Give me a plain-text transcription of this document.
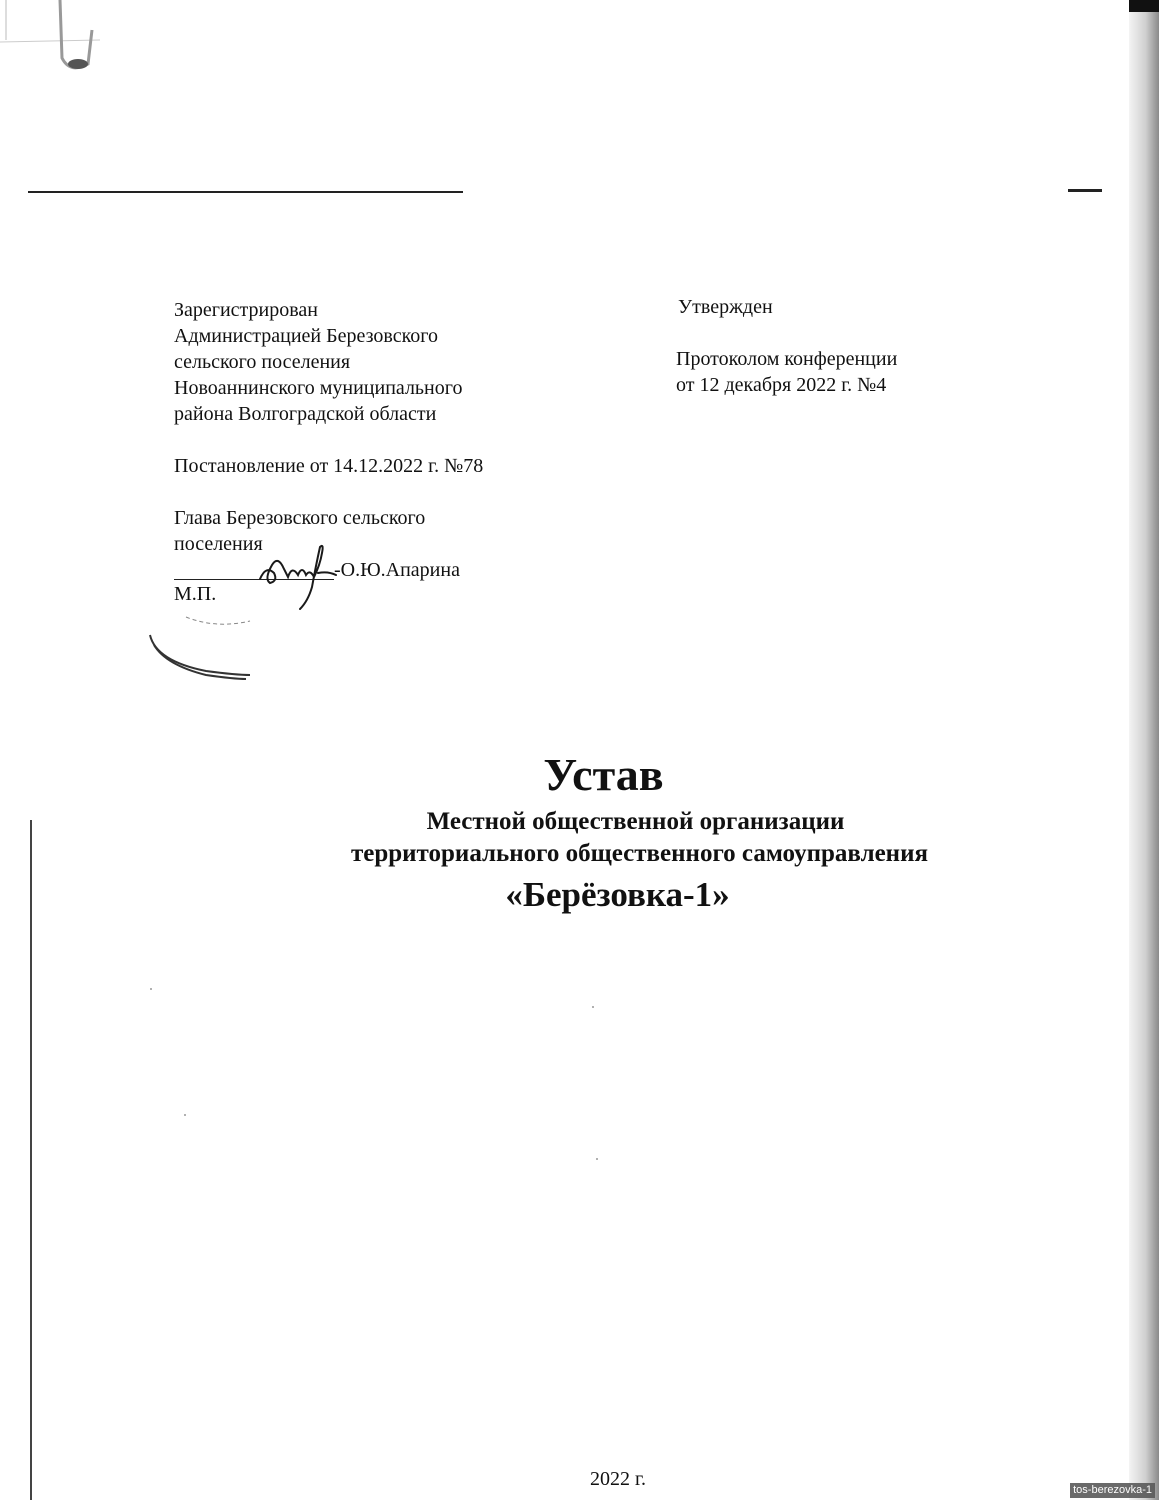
Зарегистрирован
Администрацией Березовского
сельского поселения
Новоаннинского муниципального
района Волгоградской области
Постановление от 14.12.2022 г. №78
Глава Березовского сельского
поселения
-О.Ю.Апарина
М.П.
Утвержден
Протоколом конференции
от 12 декабря 2022 г. №4
Устав
Местной общественной организации
территориального общественного самоуправления
«Берёзовка-1»
2022 г.	tos-berezovka-1
